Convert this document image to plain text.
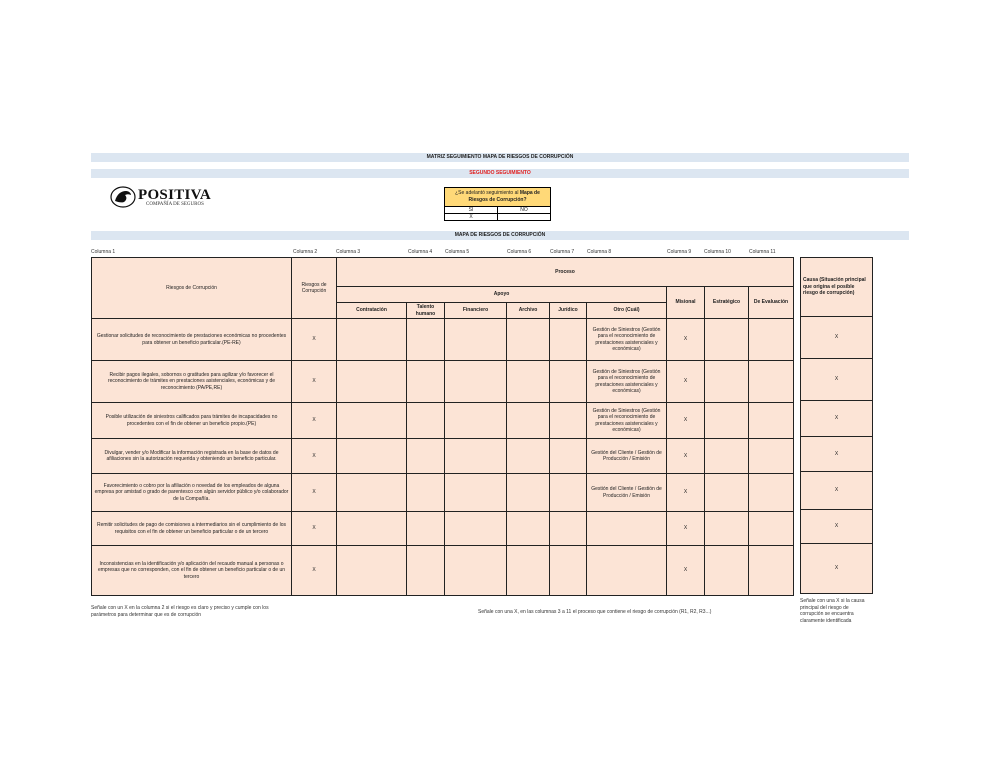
MATRIZ SEGUIMIENTO MAPA DE RIESGOS DE CORRUPCIÓN
SEGUNDO SEGUIMIENTO
POSITIVA
COMPAÑÍA DE SEGUROS
¿Se adelantó seguimiento al Mapa de Riesgos de Corrupción?
SI	NO
X
MAPA DE RIESGOS DE CORRUPCIÓN
Columna 1	Columna 2	Columna 3	Columna 4	Columna 5	Columna 6	Columna 7	Columna 8	Columna 9	Columna 10	Columna 11
Riesgos de Corrupción	Riesgos de Corrupción	Proceso								
		Apoyo						Misional	Estratégico	De Evaluación
		Contratación	Talento humano	Financiero	Archivo	Jurídico	Otro (Cuál)			
Gestionar solicitudes de reconocimiento de prestaciones económicas no procedentes para obtener un beneficio particular.(PE-RE)	X						Gestión de Siniestros (Gestión para el reconocimiento de prestaciones asistenciales y económicas)	X		
Recibir pagos ilegales, sobornos o gratitudes para agilizar y/o favorecer el reconocimiento de trámites en prestaciones asistenciales, económicas y de reconocimiento (PA/PE,RE)	X						Gestión de Siniestros (Gestión para el reconocimiento de prestaciones asistenciales y económicas)	X		
Posible utilización de siniestros calificados para trámites de incapacidades no procedentes con el fin de obtener un beneficio propio.(PE)	X						Gestión de Siniestros (Gestión para el reconocimiento de prestaciones asistenciales y económicas)	X		
Divulgar, vender y/o Modificar la información registrada en la base de datos de afiliaciones sin la autorización requerida y obteniendo un beneficio particular.	X						Gestión del Cliente / Gestión de Producción / Emisión	X		
Favorecimiento o cobro por la afiliación o novedad de los empleados de alguna empresa por amistad o grado de parentesco con algún servidor público y/o colaborador de la Compañía.	X						Gestión del Cliente / Gestión de Producción / Emisión	X		
Remitir solicitudes de pago de comisiones a intermediarios sin el cumplimiento de los requisitos con el fin de obtener un beneficio particular o de un tercero	X							X		
Inconsistencias en la identificación y/o aplicación del recaudo manual a personas o empresas que no corresponden, con el fin de obtener un beneficio particular o de un tercero	X							X		
Causa (Situación principal que origina el posible riesgo de corrupción)
X
X
X
X
X
X
X
Señale con un X en la columna 2 si el riesgo es claro y preciso y cumple con los parámetros para determinar que es de corrupción	Señale con una X, en las columnas 3 a 11 el proceso que contiene el riesgo de corrupción (R1, R2, R3...)
Señale con una X si la causa principal del riesgo de corrupción se encuentra claramente identificada
